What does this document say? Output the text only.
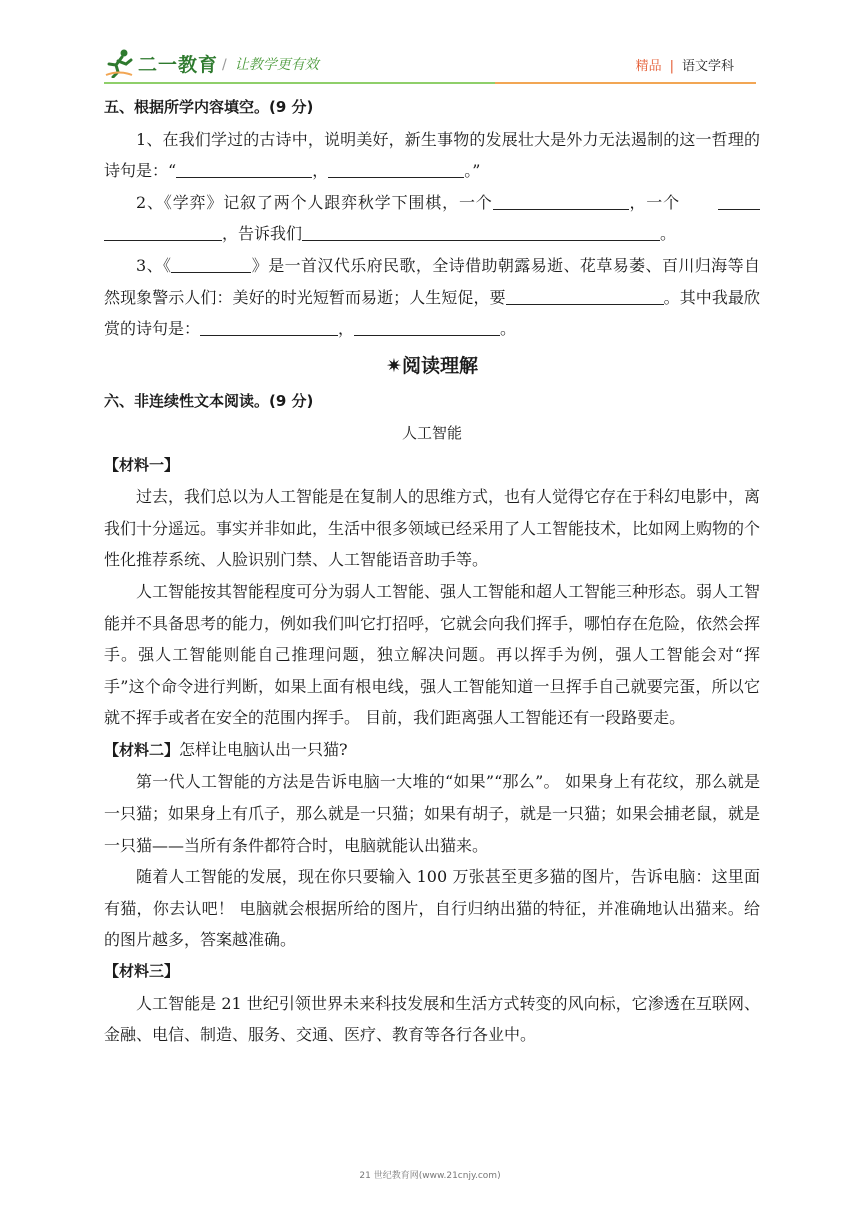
二一教育 / 让教学更有效	精品 | 语文学科

五、根据所学内容填空。(9 分)

1、在我们学过的古诗中，说明美好，新生事物的发展壮大是外力无法遏制的这一哲理的诗句是：“	，	。”

2、《学弈》记叙了两个人跟弈秋学下围棋，一个	，一个，告诉我们	。

3、《	》是一首汉代乐府民歌，全诗借助朝露易逝、花草易萎、百川归海等自然现象警示人们：美好的时光短暂而易逝；人生短促，要	。其中我最欣赏的诗句是：	，	。

✷阅读理解

六、非连续性文本阅读。(9 分)

人工智能

【材料一】

过去，我们总以为人工智能是在复制人的思维方式，也有人觉得它存在于科幻电影中，离我们十分遥远。事实并非如此，生活中很多领域已经采用了人工智能技术，比如网上购物的个性化推荐系统、人脸识别门禁、人工智能语音助手等。

人工智能按其智能程度可分为弱人工智能、强人工智能和超人工智能三种形态。弱人工智能并不具备思考的能力，例如我们叫它打招呼，它就会向我们挥手，哪怕存在危险，依然会挥手。强人工智能则能自己推理问题，独立解决问题。再以挥手为例，强人工智能会对“挥手”这个命令进行判断，如果上面有根电线，强人工智能知道一旦挥手自己就要完蛋，所以它就不挥手或者在安全的范围内挥手。 目前，我们距离强人工智能还有一段路要走。

【材料二】怎样让电脑认出一只猫?

第一代人工智能的方法是告诉电脑一大堆的“如果”“那么”。 如果身上有花纹，那么就是一只猫；如果身上有爪子，那么就是一只猫；如果有胡子，就是一只猫；如果会捕老鼠，就是一只猫——当所有条件都符合时，电脑就能认出猫来。

随着人工智能的发展，现在你只要输入 100 万张甚至更多猫的图片，告诉电脑：这里面有猫，你去认吧！ 电脑就会根据所给的图片，自行归纳出猫的特征，并准确地认出猫来。给的图片越多，答案越准确。

【材料三】

人工智能是 21 世纪引领世界未来科技发展和生活方式转变的风向标，它渗透在互联网、金融、电信、制造、服务、交通、医疗、教育等各行各业中。

21 世纪教育网(www.21cnjy.com)
